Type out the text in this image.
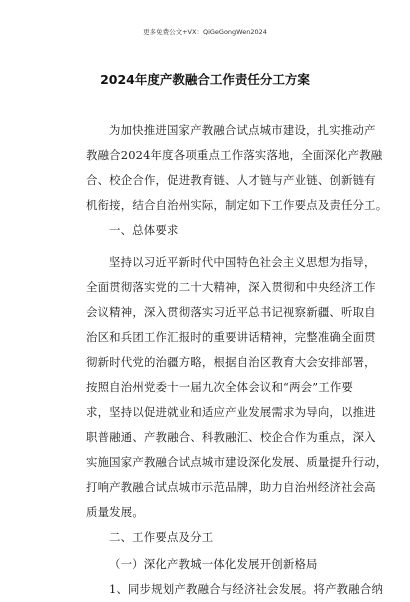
更多免费公文+VX：QiGeGongWen2024
2024年度产教融合工作责任分工方案
为加快推进国家产教融合试点城市建设，扎实推动产
教融合2024年度各项重点工作落实落地，全面深化产教融
合、校企合作，促进教育链、人才链与产业链、创新链有
机衔接，结合自治州实际，制定如下工作要点及责任分工。
一、总体要求
坚持以习近平新时代中国特色社会主义思想为指导，
全面贯彻落实党的二十大精神，深入贯彻和中央经济工作
会议精神，深入贯彻落实习近平总书记视察新疆、听取自
治区和兵团工作汇报时的重要讲话精神，完整准确全面贯
彻新时代党的治疆方略，根据自治区教育大会安排部署，
按照自治州党委十一届九次全体会议和“两会”工作要
求，坚持以促进就业和适应产业发展需求为导向，以推进
职普融通、产教融合、科教融汇、校企合作为重点，深入
实施国家产教融合试点城市建设深化发展、质量提升行动，
打响产教融合试点城市示范品牌，助力自治州经济社会高
质量发展。
二、工作要点及分工
（一）深化产教城一体化发展开创新格局
1、同步规划产教融合与经济社会发展。将产教融合纳
